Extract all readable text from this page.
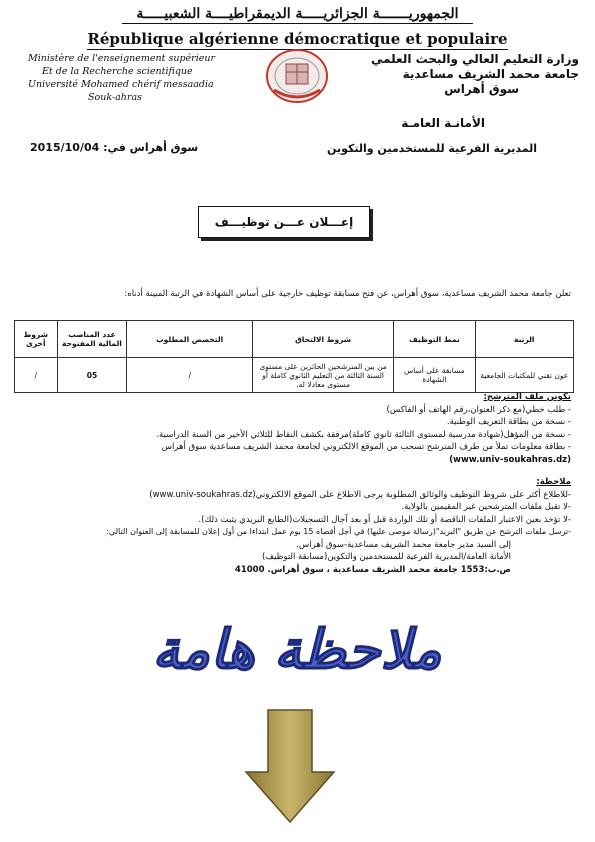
الجمهوريـــــــة الجزائريـــــة الديمقراطيــــة الشعبيـــــة
République algérienne démocratique et populaire
Ministère de l'enseignement supérieur
Et de la Recherche scientifique
Université Mohamed chérif messaadia
Souk-ahras
وزارة التعليم العالي والبحث العلمي
جامعة محمد الشريف مساعدية
سوق أهراس
الأمانـة العامـة
المديرية الفرعية للمستخدمين والتكوين
سوق أهراس في: 2015/10/04
إعـــلان عـــن توظيـــف
تعلن جامعة محمد الشريف مساعدية، سوق أهراس، عن فتح مسابقة توظيف خارجية على أساس الشهادة في الرتبة المبينة أدناه:
الرتبة	نمط التوظيف	شروط الالتحاق	التخصص المطلوب	عدد المناصب المالية المفتوحة	شروط أخرى
عون تقني للمكتبات الجامعية	مسابقة على أساس الشهادة	من بين المترشحين الحائزين على مستوى السنة الثالثة من التعليم الثانوي كاملة أو مستوى معادلا له.	/	05	/
تكوين ملف المترشح:
- طلب خطي(مع ذكر العنوان،رقم الهاتف أو الفاكس)
- نسخة من بطاقة التعريف الوطنية.
- نسخة من المؤهل(شهادة مدرسية لمستوى الثالثة ثانوي كاملة)مرفقة بكشف النقاط للثلاثي الأخير من السنة الدراسية.
- بطاقة معلومات تملأ من طرف المترشح تسحب من الموقع الالكتروني لجامعة محمد الشريف مساعدية سوق أهراس
(www.univ-soukahras.dz)
ملاحظة:
-للاطلاع أكثر على شروط التوظيف والوثائق المطلوبة يرجى الاطلاع على الموقع الالكتروني(www.univ-soukahras.dz)
-لا تقبل ملفات المترشحين غير المقيمين بالولاية.
-لا تؤخذ بعين الاعتبار الملفات الناقصة أو تلك الواردة قبل أو بعد آجال التسجيلات(الطابع البريدي يثبت ذلك).
-ترسل ملفات الترشح عن طريق "البريد"(رسالة موصى عليها) في أجل أقصاه 15 يوم عمل ابتداءا من أول إعلان للمسابقة إلى العنوان التالي:
إلى السيد مدير جامعة محمد الشريف مساعدية-سوق أهراس.
الأمانة العامة/المديرية الفرعية للمستخدمين والتكوين(مسابقة التوظيف)
ص.ب:1553 جامعة محمد الشريف مساعدية ، سوق أهراس. 41000
ملاحظة هامة
